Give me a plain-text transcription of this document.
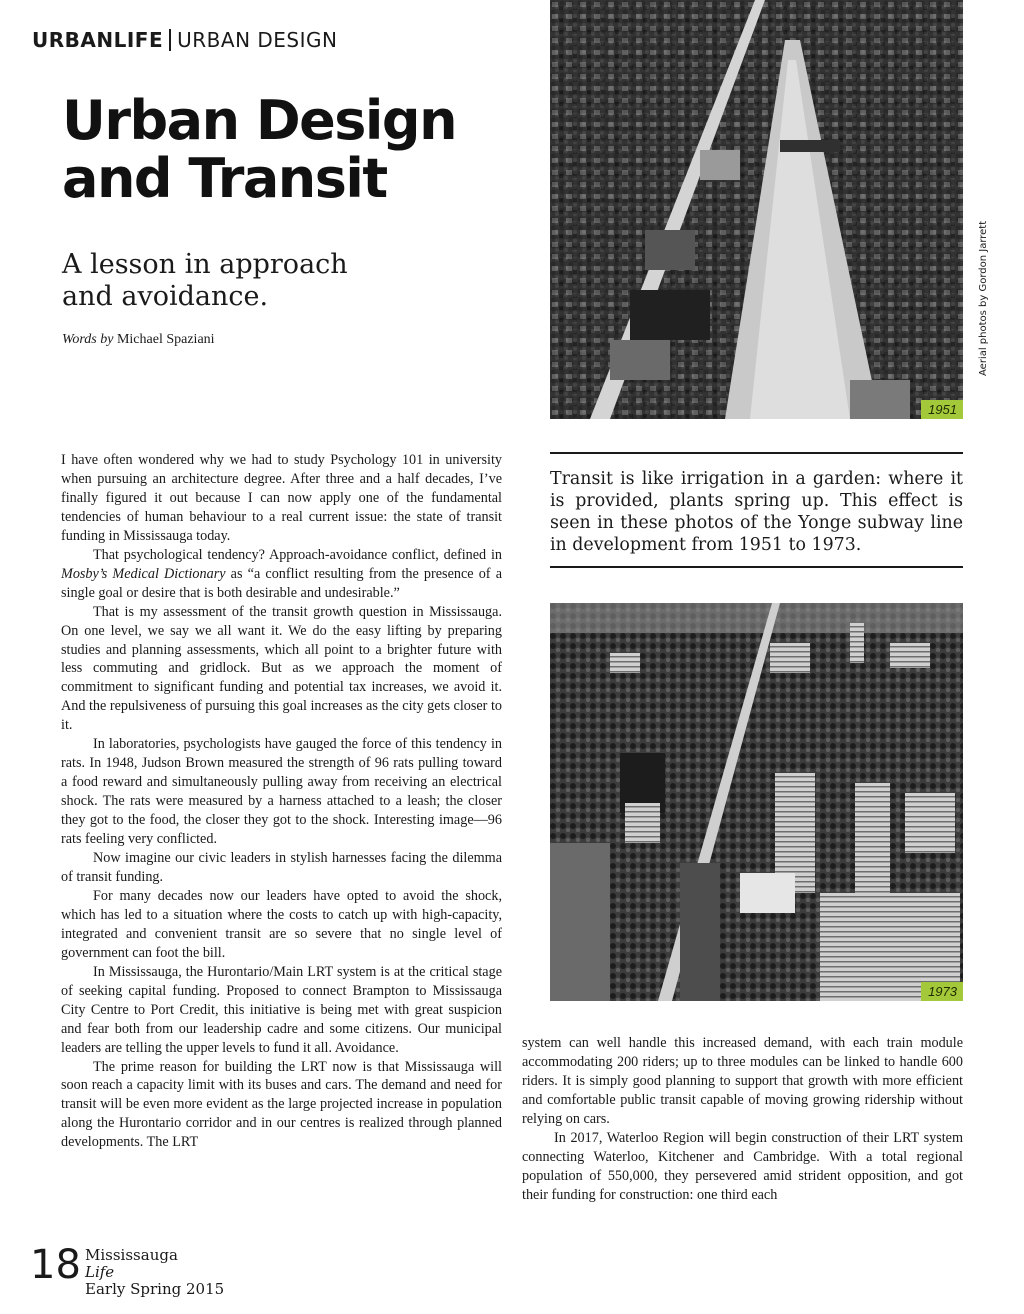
URBANLIFE URBAN DESIGN
Urban Design
and Transit

A lesson in approach
and avoidance.

Words by Michael Spaziani
1951
Aerial photos by Gordon Jarrett

Transit is like irrigation in a garden: where it is provided, plants spring up. This effect is seen in these photos of the Yonge subway line in development from 1951 to 1973.

1973

I have often wondered why we had to study Psychology 101 in university when pursuing an architecture degree. After three and a half decades, I’ve finally figured it out because I can now apply one of the fundamental tendencies of human behaviour to a real current issue: the state of transit funding in Mississauga today.

That psychological tendency? Approach-avoidance conflict, defined in Mosby’s Medical Dictionary as “a conflict resulting from the presence of a single goal or desire that is both desirable and undesirable.”

That is my assessment of the transit growth question in Mississauga. On one level, we say we all want it. We do the easy lifting by preparing studies and planning assessments, which all point to a brighter future with less commuting and gridlock. But as we approach the moment of commitment to significant funding and potential tax increases, we avoid it. And the repulsiveness of pursuing this goal increases as the city gets closer to it.

In laboratories, psychologists have gauged the force of this tendency in rats. In 1948, Judson Brown measured the strength of 96 rats pulling toward a food reward and simultaneously pulling away from receiving an electrical shock. The rats were measured by a harness attached to a leash; the closer they got to the food, the closer they got to the shock. Interesting image—96 rats feeling very conflicted.

Now imagine our civic leaders in stylish harnesses facing the dilemma of transit funding.

For many decades now our leaders have opted to avoid the shock, which has led to a situation where the costs to catch up with high-capacity, integrated and convenient transit are so severe that no single level of government can foot the bill.

In Mississauga, the Hurontario/Main LRT system is at the critical stage of seeking capital funding. Proposed to connect Brampton to Mississauga City Centre to Port Credit, this initiative is being met with great suspicion and fear both from our leadership cadre and some citizens. Our municipal leaders are telling the upper levels to fund it all. Avoidance.

The prime reason for building the LRT now is that Mississauga will soon reach a capacity limit with its buses and cars. The demand and need for transit will be even more evident as the large projected increase in population along the Hurontario corridor and in our centres is realized through planned developments. The LRT

system can well handle this increased demand, with each train module accommodating 200 riders; up to three modules can be linked to handle 600 riders. It is simply good planning to support that growth with more efficient and comfortable public transit capable of moving growing ridership without relying on cars.

In 2017, Waterloo Region will begin construction of their LRT system connecting Waterloo, Kitchener and Cambridge. With a total regional population of 550,000, they persevered amid strident opposition, and got their funding for construction: one third each

18 Mississauga
Life
Early Spring 2015
